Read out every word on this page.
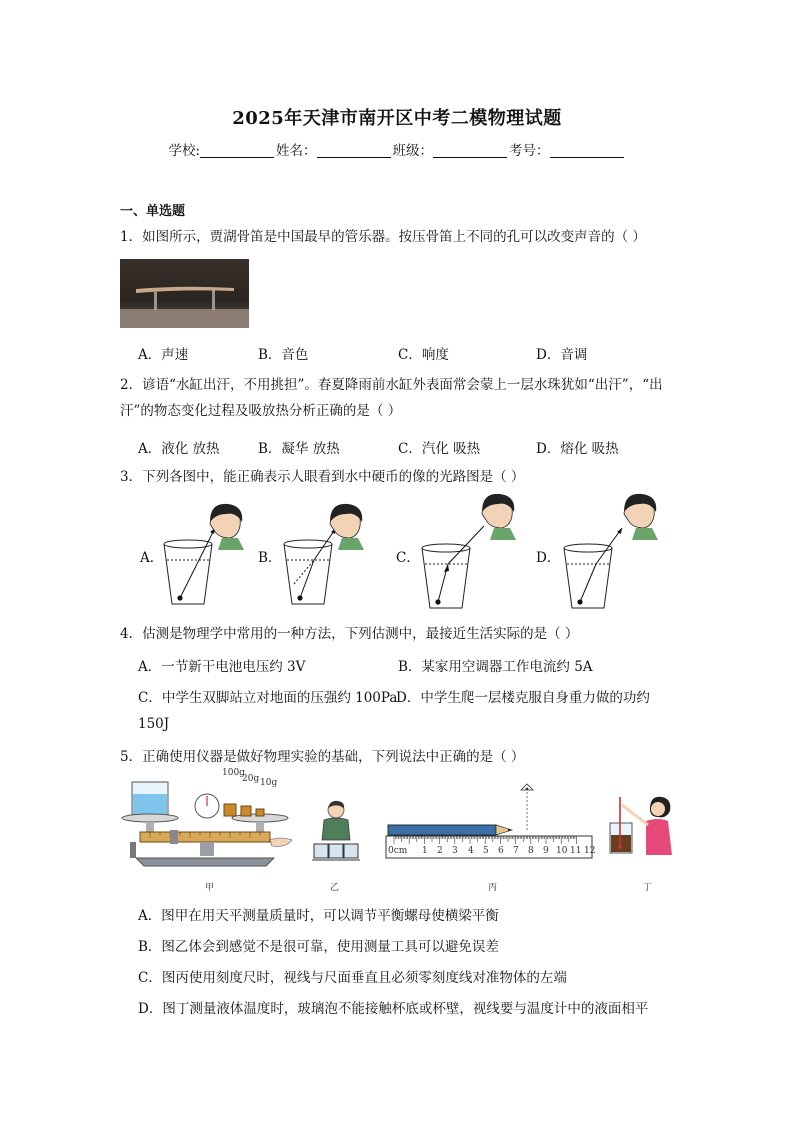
2025年天津市南开区中考二模物理试题
学校:	姓名：	班级：	考号：
一、单选题
1．如图所示，贾湖骨笛是中国最早的管乐器。按压骨笛上不同的孔可以改变声音的（ ）
A．声速	B．音色	C．响度	D．音调
2．谚语“水缸出汗，不用挑担”。春夏降雨前水缸外表面常会蒙上一层水珠犹如“出汗”，“出
汗”的物态变化过程及吸放热分析正确的是（ ）
A．液化 放热	B．凝华 放热	C．汽化 吸热	D．熔化 吸热
3．下列各图中，能正确表示人眼看到水中硬币的像的光路图是（ ）
A．	B．	C．	D．
4．估测是物理学中常用的一种方法，下列估测中，最接近生活实际的是（ ）
A．一节新干电池电压约 3V	B．某家用空调器工作电流约 5A
C．中学生双脚站立对地面的压强约 100Pa
D．中学生爬一层楼克服自身重力做的功约
150J
5．正确使用仪器是做好物理实验的基础，下列说法中正确的是（ ）
100g
20g 10g
0cm 1 2 3 4 5 6 7 8 9 10 11 12
甲	乙	丙	丁
A．图甲在用天平测量质量时，可以调节平衡螺母使横梁平衡
B．图乙体会到感觉不是很可靠，使用测量工具可以避免误差
C．图丙使用刻度尺时，视线与尺面垂直且必须零刻度线对准物体的左端
D．图丁测量液体温度时，玻璃泡不能接触杯底或杯壁，视线要与温度计中的液面相平
